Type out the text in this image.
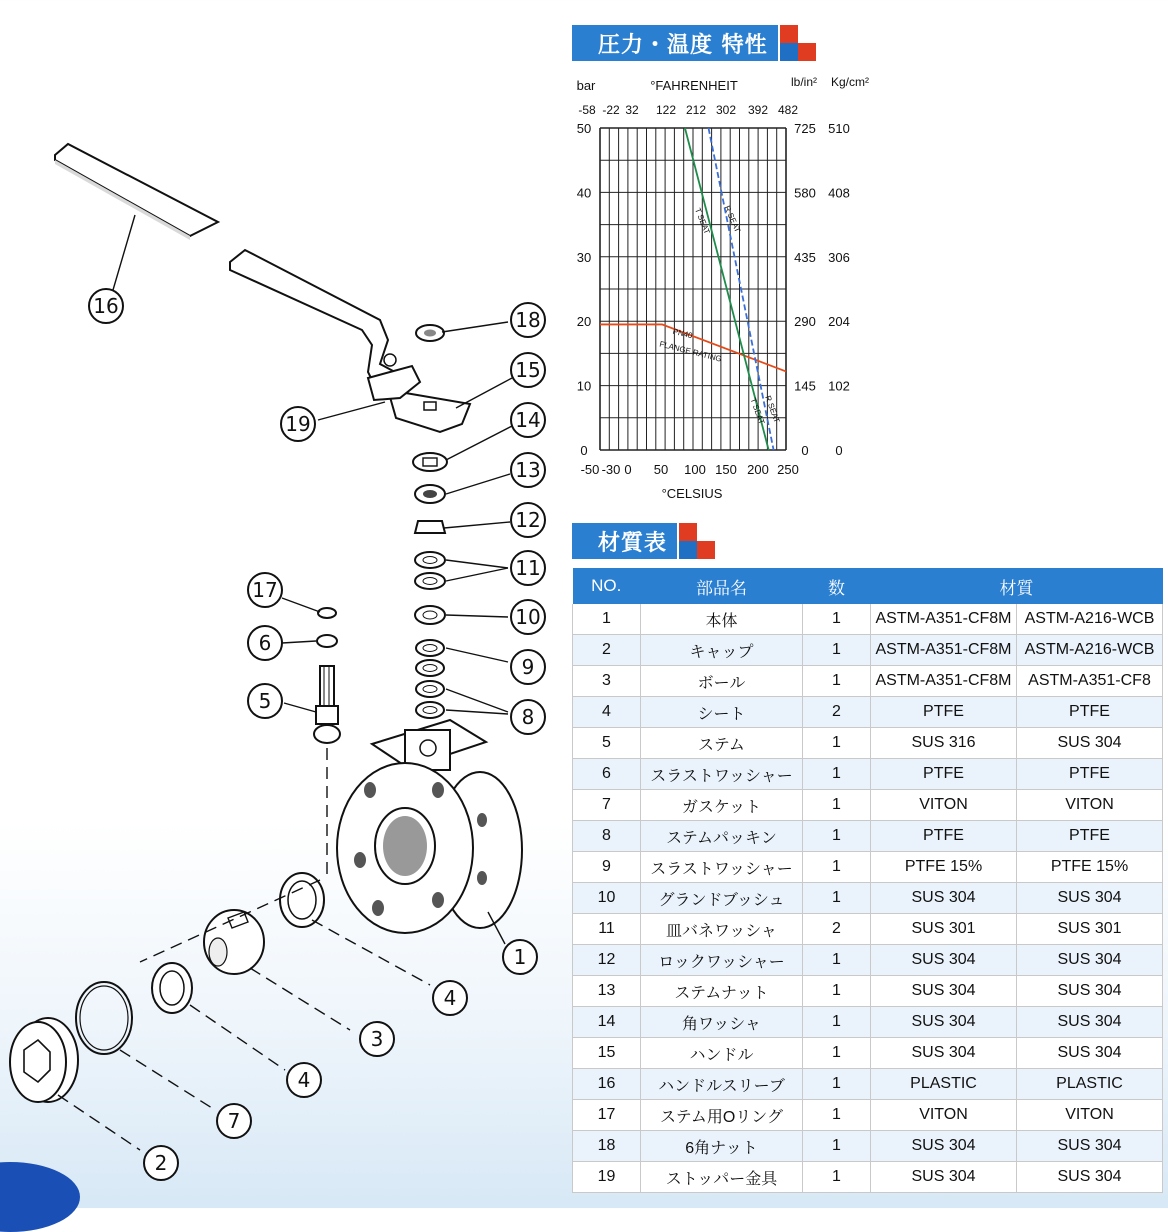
16
18
15
19	14
13
12
17
11
6
10
5
9
8
1
4
3
4
7
2
圧力・温度 特性
材質表
bar
50
40
30
20
10
0
°FAHRENHEIT
-58 -22 32 122 212 302 392 482
lb/in² Kg/cm²
725
580
435
290
145
0
510
408
306
204
102
0
-50 -30 0 50 100 150 200 250
°CELSIUS
R SEAT
T SEAT
PN40
FLANGE RATING
R SEAT
T SEAT
NO.	部品名	数	材質	
1	本体	1	ASTM-A351-CF8M	ASTM-A216-WCB
2	キャップ	1	ASTM-A351-CF8M	ASTM-A216-WCB
3	ボール	1	ASTM-A351-CF8M	ASTM-A351-CF8
4	シート	2	PTFE	PTFE
5	ステム	1	SUS 316	SUS 304
6	スラストワッシャー	1	PTFE	PTFE
7	ガスケット	1	VITON	VITON
8	ステムパッキン	1	PTFE	PTFE
9	スラストワッシャー	1	PTFE 15%	PTFE 15%
10	グランドブッシュ	1	SUS 304	SUS 304
11	皿バネワッシャ	2	SUS 301	SUS 301
12	ロックワッシャー	1	SUS 304	SUS 304
13	ステムナット	1	SUS 304	SUS 304
14	角ワッシャ	1	SUS 304	SUS 304
15	ハンドル	1	SUS 304	SUS 304
16	ハンドルスリーブ	1	PLASTIC	PLASTIC
17	ステム用Oリング	1	VITON	VITON
18	6角ナット	1	SUS 304	SUS 304
19	ストッパー金具	1	SUS 304	SUS 304
